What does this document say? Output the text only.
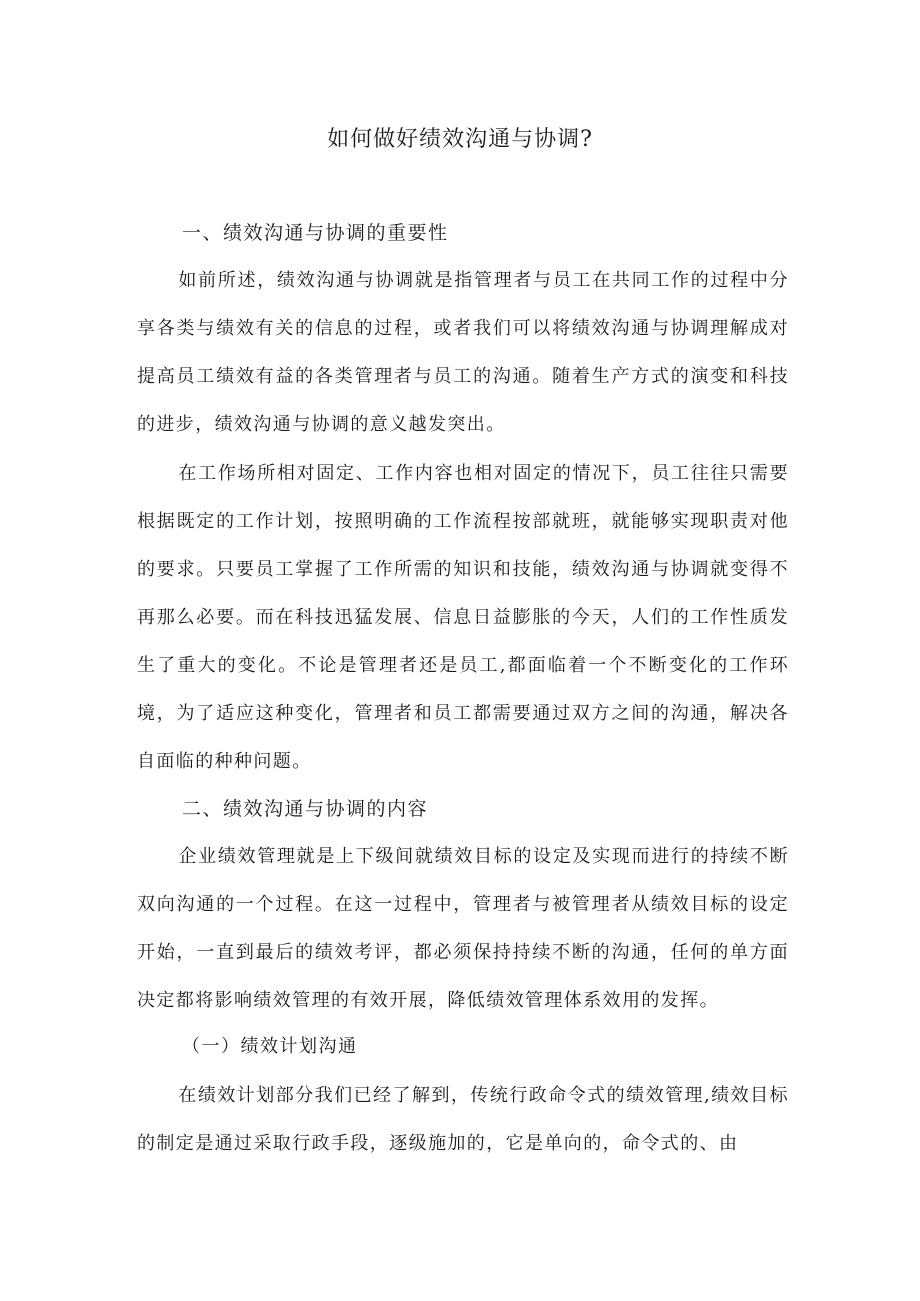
如何做好绩效沟通与协调?
一、绩效沟通与协调的重要性

如前所述，绩效沟通与协调就是指管理者与员工在共同工作的过程中分享各类与绩效有关的信息的过程，或者我们可以将绩效沟通与协调理解成对提高员工绩效有益的各类管理者与员工的沟通。随着生产方式的演变和科技的进步，绩效沟通与协调的意义越发突出。

在工作场所相对固定、工作内容也相对固定的情况下，员工往往只需要根据既定的工作计划，按照明确的工作流程按部就班，就能够实现职责对他的要求。只要员工掌握了工作所需的知识和技能，绩效沟通与协调就变得不再那么必要。而在科技迅猛发展、信息日益膨胀的今天，人们的工作性质发生了重大的变化。不论是管理者还是员工,都面临着一个不断变化的工作环境，为了适应这种变化，管理者和员工都需要通过双方之间的沟通，解决各自面临的种种问题。

二、绩效沟通与协调的内容

企业绩效管理就是上下级间就绩效目标的设定及实现而进行的持续不断双向沟通的一个过程。在这一过程中，管理者与被管理者从绩效目标的设定开始，一直到最后的绩效考评，都必须保持持续不断的沟通，任何的单方面决定都将影响绩效管理的有效开展，降低绩效管理体系效用的发挥。

（一）绩效计划沟通

在绩效计划部分我们已经了解到，传统行政命令式的绩效管理,绩效目标的制定是通过采取行政手段，逐级施加的，它是单向的，命令式的、由
